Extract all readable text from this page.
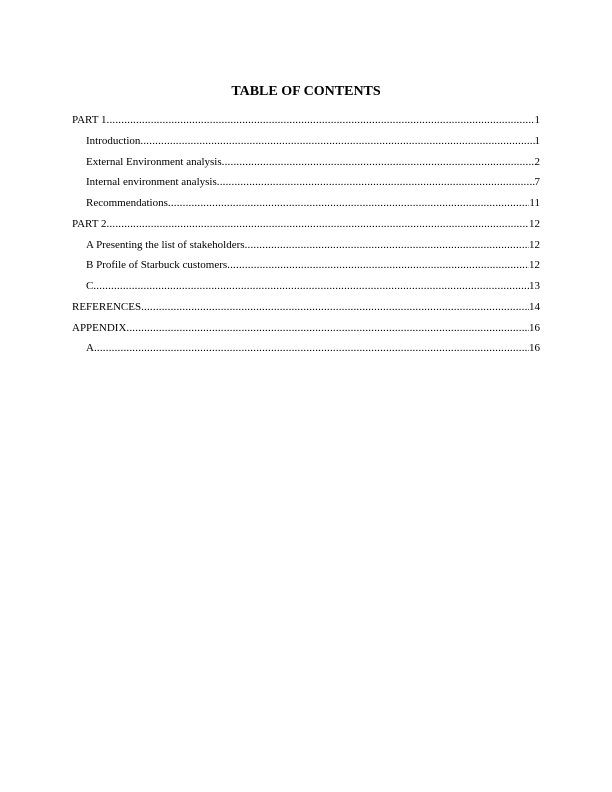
TABLE OF CONTENTS
PART 1 .....	1
Introduction .....	1
External Environment analysis .....	2
Internal environment analysis .....	7
Recommendations .....	11
PART 2 .....	12
A Presenting the list of stakeholders .....	12
B Profile of Starbuck customers .....	12
C .....	13
REFERENCES .....	14
APPENDIX .....	16
A .....	16
